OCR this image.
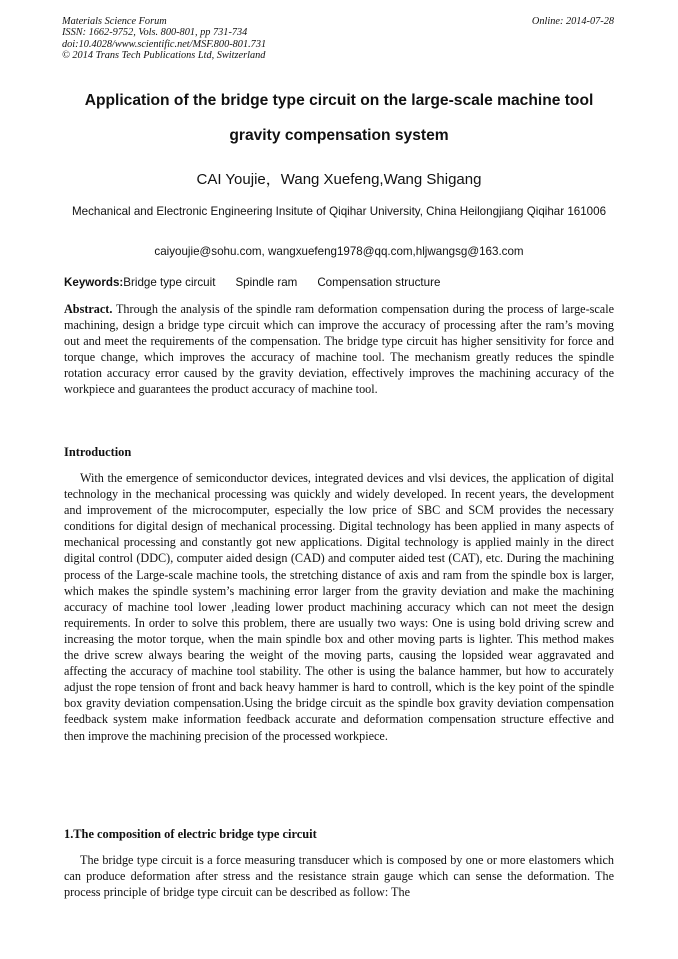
Materials Science Forum
ISSN: 1662-9752, Vols. 800-801, pp 731-734
doi:10.4028/www.scientific.net/MSF.800-801.731
© 2014 Trans Tech Publications Ltd, Switzerland
Online: 2014-07-28
Application of the bridge type circuit on the large-scale machine tool
gravity compensation system
CAI Youjie，Wang Xuefeng,Wang Shigang
Mechanical and Electronic Engineering Insitute of Qiqihar University, China Heilongjiang Qiqihar 161006
caiyoujie@sohu.com, wangxuefeng1978@qq.com,hljwangsg@163.com
Keywords:Bridge type circuit Spindle ram Compensation structure
Abstract. Through the analysis of the spindle ram deformation compensation during the process of large-scale machining, design a bridge type circuit which can improve the accuracy of processing after the ram’s moving out and meet the requirements of the compensation. The bridge type circuit has higher sensitivity for force and torque change, which improves the accuracy of machine tool. The mechanism greatly reduces the spindle rotation accuracy error caused by the gravity deviation, effectively improves the machining accuracy of the workpiece and guarantees the product accuracy of machine tool.
Introduction
With the emergence of semiconductor devices, integrated devices and vlsi devices, the application of digital technology in the mechanical processing was quickly and widely developed. In recent years, the development and improvement of the microcomputer, especially the low price of SBC and SCM provides the necessary conditions for digital design of mechanical processing. Digital technology has been applied in many aspects of mechanical processing and constantly got new applications. Digital technology is applied mainly in the direct digital control (DDC), computer aided design (CAD) and computer aided test (CAT), etc. During the machining process of the Large-scale machine tools, the stretching distance of axis and ram from the spindle box is larger, which makes the spindle system’s machining error larger from the gravity deviation and make the machining accuracy of machine tool lower ,leading lower product machining accuracy which can not meet the design requirements. In order to solve this problem, there are usually two ways: One is using bold driving screw and increasing the motor torque, when the main spindle box and other moving parts is lighter. This method makes the drive screw always bearing the weight of the moving parts, causing the lopsided wear aggravated and affecting the accuracy of machine tool stability. The other is using the balance hammer, but how to accurately adjust the rope tension of front and back heavy hammer is hard to controll, which is the key point of the spindle box gravity deviation compensation.Using the bridge circuit as the spindle box gravity deviation compensation feedback system make information feedback accurate and deformation compensation structure effective and then improve the machining precision of the processed workpiece.
1.The composition of electric bridge type circuit
The bridge type circuit is a force measuring transducer which is composed by one or more elastomers which can produce deformation after stress and the resistance strain gauge which can sense the deformation. The process principle of bridge type circuit can be described as follow: The
